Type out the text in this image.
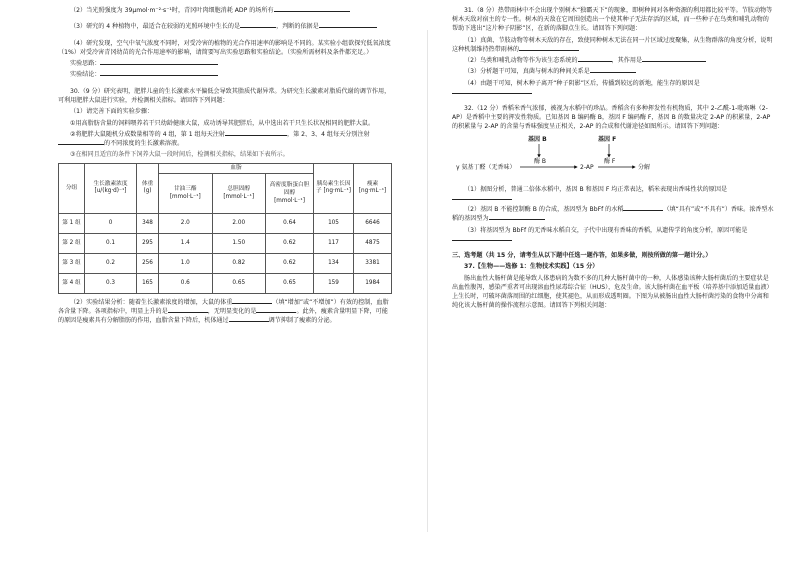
（2）当光照强度为 39μmol·m⁻²·s⁻¹时，青冈叶肉细胞消耗 ADP 的场所有
（3）研究的 4 种植物中，最适合在较弱的光照环境中生长的是	，判断的依据是
（4）研究发现，空气中氧气浓度不同时，对受冷害的植物的光合作用速率的影响是不同的。某实验小组欲探究低氧浓度（1%）对受冷害青冈幼苗的光合作用速率的影响，请简要写出实验思路和实验结论。（实验所需材料及条件都充足。）
实验思路：
实验结论：
30.（9 分）研究表明，肥胖儿童的生长激素水平偏低会导致其脂质代谢异常。为研究生长激素对脂质代谢的调节作用，可利用肥胖大鼠进行实验，并检测相关指标。请回答下列问题：
（1）请完善下面的实验步骤：
①用高脂肪含量的饲料喂养若干只幼龄健康大鼠，成功诱导其肥胖后，从中选出若干只生长状况相同的肥胖大鼠。
②将肥胖大鼠随机分成数量相等的 4 组，第 1 组每天注射	，第 2、3、4 组每天分别注射的不同浓度的生长激素溶液。
③在相同且适宜的条件下饲养大鼠一段时间后，检测相关指标，结果如下表所示。
分组	生长激素浓度 [u/(kg·d)⁻¹]	体重 (g)	血脂			胰岛素生长因子 [ng·mL⁻¹]	瘦素 [ng·mL⁻¹]
			甘油三酯 [mmol·L⁻¹]	总胆固醇 [mmol·L⁻¹]	高密度脂蛋白胆固醇 [mmol·L⁻¹]		
第 1 组	0	348	2.0	2.00	0.64	105	6646
第 2 组	0.1	295	1.4	1.50	0.62	117	4875
第 3 组	0.2	256	1.0	0.82	0.62	134	3381
第 4 组	0.3	165	0.6	0.65	0.65	159	1984
（2）实验结果分析：随着生长激素浓度的增加，大鼠的体重	（填“增加”或“不增加”）有效的控制，血脂各含量下降。各项指标中，明显上升的是	，无明显变化的是	。此外，瘦素含量明显下降，可能的原因是瘦素具有分解脂肪的作用，血脂含量下降后，机体通过	调节抑制了瘦素的分泌。
31.（8 分）热带雨林中不会出现个别树木“独霸天下”的现象，即树种间对各种资源的利用都比较平等。节肢动物等树木天敌对宿主的专一性。树木的天敌在它周围创造出一个使其种子无法存活的区域，而一些种子在鸟类和哺乳动物的帮助下逃出“这片种子阴影”区，在新的落脚点生长。请回答下列问题：
（1）真菌、节肢动物等树木天敌的存在，致使同种树木无法在同一片区域过度聚集，从生物群落的角度分析，说明这种机制维持热带雨林的
（2）鸟类和哺乳动物等作为该生态系统的	，其作用是
（3）分析题干可知，真菌与树木的种间关系是
（4）由题干可知，树木种子离开“种子阴影”区后，传播到较远的新地，能生存的原因是
32.（12 分）香稻米香气浓郁，被视为水稻中的珍品。香稻含有多种挥发性有机物质，其中 2-乙酰-1-吡咯啉（2-AP）是香稻中主要的挥发性物质。已知基因 B 编码酶 B，基因 F 编码酶 F，基因 B 的数量决定 2-AP 的积累量，2-AP 的积累量与 2-AP 的含量与香味强度呈正相关，2-AP 的合成和代谢途径如图所示。请回答下列问题：
基因 B	基因 F
酶 B	酶 F
γ 氨基丁醛（无香味）	2-AP	分解
（1）据图分析，普通二倍体水稻中，基因 B 和基因 F 均正常表达，稻米表现出香味性状的原因是
（2）基因 B 不能控制酶 B 的合成，基因型为 BbFf 的水稻	（填“具有”或“不具有”）香味。浓香型水稻的基因型为
（3）将基因型为 BbFf 的无香味水稻自交，子代中出现有香味的香稻，从遗传学的角度分析，原因可能是
三、选考题（共 15 分，请考生从以下题中任选一题作答，如果多做，则按所做的第一题计分。）
37.【生物——选修 1：生物技术实践】（15 分）
肠出血性大肠杆菌是能导致人体患病的为数不多的几种大肠杆菌中的一种，人体感染该种大肠杆菌后的主要症状是出血性腹泻，感染严重者可出现溶血性尿毒综合征（HUS），危及生命。该大肠杆菌在血平板（培养基中添加适量血液）上生长时，可破坏菌落周围的红细胞，使其褪色，从而形成透明圈。下图为从被肠出血性大肠杆菌污染的食物中分离和纯化该大肠杆菌的操作流程示意图。请回答下列相关问题：
